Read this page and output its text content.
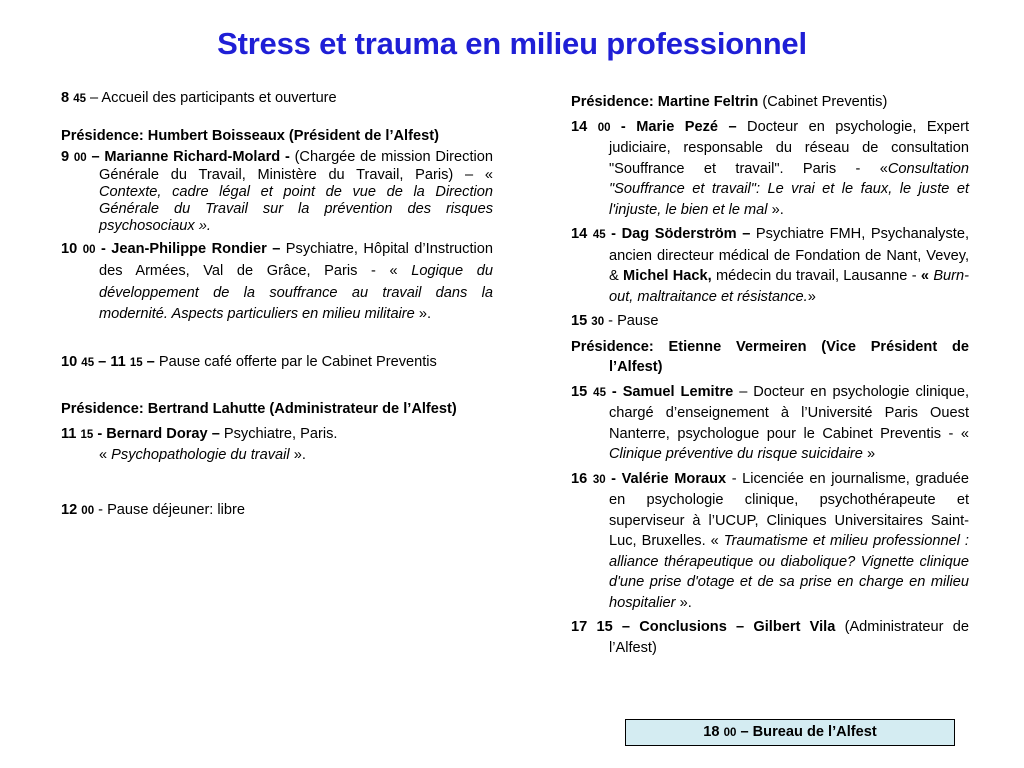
Stress et trauma en milieu professionnel

8 45 – Accueil des participants et ouverture

Présidence: Humbert Boisseaux (Président de l’Alfest)

9 00 – Marianne Richard-Molard - (Chargée de mission Direction Générale du Travail, Ministère du Travail, Paris) – « Contexte, cadre légal et point de vue de la Direction Générale du Travail sur la prévention des risques psychosociaux ».

10 00 - Jean-Philippe Rondier – Psychiatre, Hôpital d’Instruction des Armées, Val de Grâce, Paris - « Logique du développement de la souffrance au travail dans la modernité. Aspects particuliers en milieu militaire ».

10 45 – 11 15 – Pause café offerte par le Cabinet Preventis

Présidence: Bertrand Lahutte (Administrateur de l’Alfest)

11 15 - Bernard Doray – Psychiatre, Paris.
« Psychopathologie du travail ».

12 00 - Pause déjeuner: libre

Présidence: Martine Feltrin (Cabinet Preventis)

14 00 - Marie Pezé – Docteur en psychologie, Expert judiciaire, responsable du réseau de consultation "Souffrance et travail". Paris - «Consultation "Souffrance et travail": Le vrai et le faux, le juste et l'injuste, le bien et le mal ».

14 45 - Dag Söderström – Psychiatre FMH, Psychanalyste, ancien directeur médical de Fondation de Nant, Vevey, & Michel Hack, médecin du travail, Lausanne - « Burn-out, maltraitance et résistance.»

15 30 - Pause

Présidence: Etienne Vermeiren (Vice Président de l’Alfest)

15 45 - Samuel Lemitre – Docteur en psychologie clinique, chargé d’enseignement à l’Université Paris Ouest Nanterre, psychologue pour le Cabinet Preventis - « Clinique préventive du risque suicidaire »

16 30 - Valérie Moraux - Licenciée en journalisme, graduée en psychologie clinique, psychothérapeute et superviseur à l’UCUP, Cliniques Universitaires Saint-Luc, Bruxelles. « Traumatisme et milieu professionnel : alliance thérapeutique ou diabolique? Vignette clinique d'une prise d'otage et de sa prise en charge en milieu hospitalier ».

17 15 – Conclusions – Gilbert Vila (Administrateur de l’Alfest)

18 00 – Bureau de l’Alfest
